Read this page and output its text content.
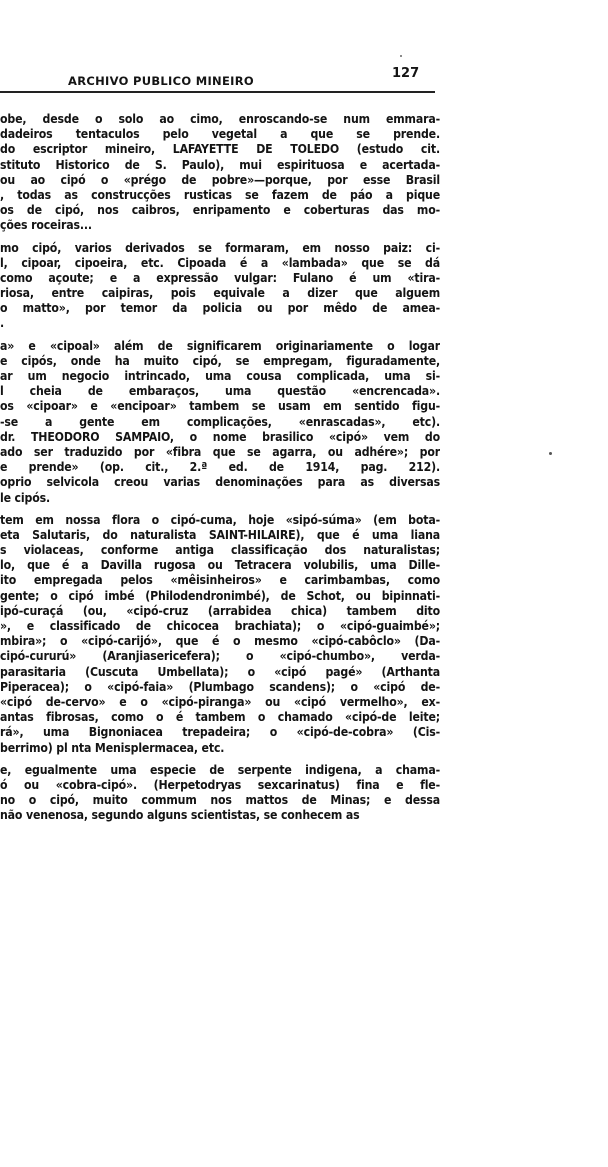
ARCHIVO PUBLICO MINEIRO	127
obe, desde o solo ao cimo, enroscando-se num emmara-
dadeiros tentaculos pelo vegetal a que se prende.
do escriptor mineiro, LAFAYETTE DE TOLEDO (estudo cit.
stituto Historico de S. Paulo), mui espirituosa e acertada-
ou ao cipó o «prégo de pobre»—porque, por esse Brasil
, todas as construcções rusticas se fazem de páo a pique
os de cipó, nos caibros, enripamento e coberturas das mo-
ções roceiras...
mo cipó, varios derivados se formaram, em nosso paiz: ci-
l, cipoar, cipoeira, etc. Cipoada é a «lambada» que se dá
como açoute; e a expressão vulgar: Fulano é um «tira-
riosa, entre caipiras, pois equivale a dizer que alguem
o matto», por temor da policia ou por mêdo de amea-
.
a» e «cipoal» além de significarem originariamente o logar
e cipós, onde ha muito cipó, se empregam, figuradamente,
ar um negocio intrincado, uma cousa complicada, uma si-
l cheia de embaraços, uma questão «encrencada».
os «cipoar» e «encipoar» tambem se usam em sentido figu-
-se a gente em complicações, «enrascadas», etc).
dr. THEODORO SAMPAIO, o nome brasilico «cipó» vem do
ado ser traduzido por «fibra que se agarra, ou adhére»; por
e prende» (op. cit., 2.ª ed. de 1914, pag. 212).
oprio selvicola creou varias denominações para as diversas
le cipós.
tem em nossa flora o cipó-cuma, hoje «sipó-súma» (em bota-
eta Salutaris, do naturalista SAINT-HILAIRE), que é uma liana
s violaceas, conforme antiga classificação dos naturalistas;
lo, que é a Davilla rugosa ou Tetracera volubilis, uma Dille-
ito empregada pelos «mêisinheiros» e carimbambas, como
gente; o cipó imbé (Philodendronimbé), de Schot, ou bipinnati-
ipó-curaçá (ou, «cipó-cruz (arrabidea chica) tambem dito
», e classificado de chicocea brachiata); o «cipó-guaimbé»;
mbira»; o «cipó-carijó», que é o mesmo «cipó-cabôclo» (Da-
cipó-cururú» (Aranjiasericefera); o «cipó-chumbo», verda-
parasitaria (Cuscuta Umbellata); o «cipó pagé» (Arthanta
Piperacea); o «cipó-faia» (Plumbago scandens); o «cipó de-
«cipó de-cervo» e o «cipó-piranga» ou «cipó vermelho», ex-
antas fibrosas, como o é tambem o chamado «cipó-de leite;
rá», uma Bignoniacea trepadeira; o «cipó-de-cobra» (Cis-
berrimo) pl nta Menisplermacea, etc.
e, egualmente uma especie de serpente indigena, a chama-
ó ou «cobra-cipó». (Herpetodryas sexcarinatus) fina e fle-
no o cipó, muito commum nos mattos de Minas; e dessa
não venenosa, segundo alguns scientistas, se conhecem as
